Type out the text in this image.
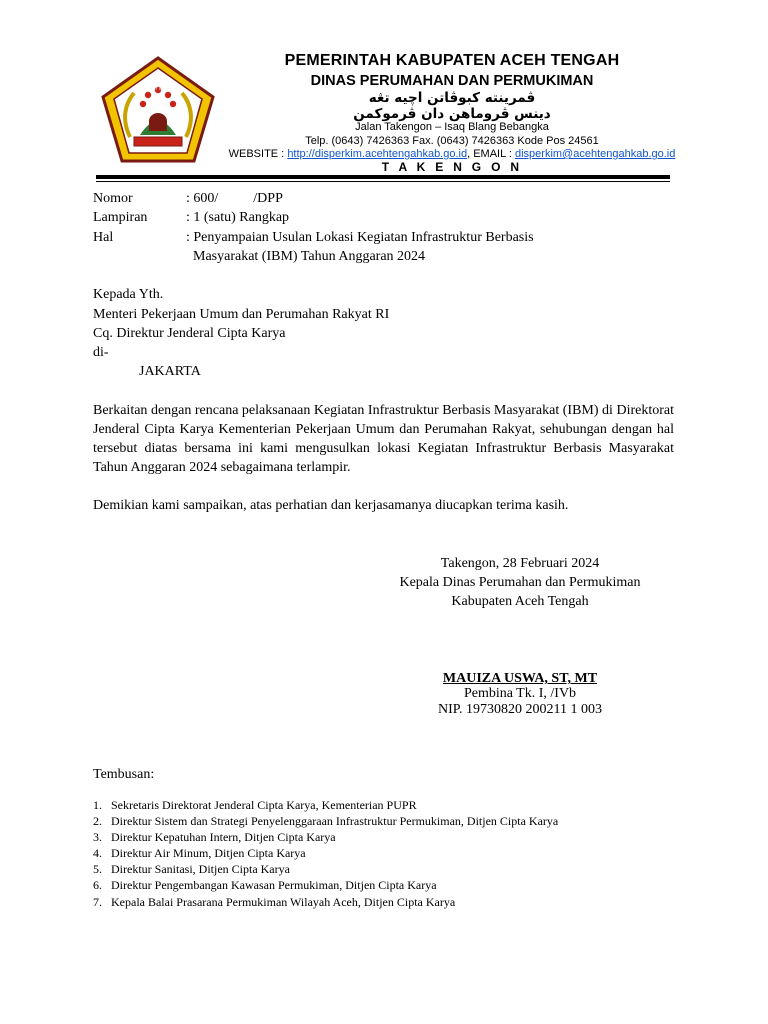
SEKANET MUNYATI
PEMERINTAH KABUPATEN ACEH TENGAH
DINAS PERUMAHAN DAN PERMUKIMAN
ڤمرينته كبوڤاتن اچيه تڠه
دينس ڤروماهن دان ڤرموكمن
Jalan Takengon – Isaq Blang Bebangka
Telp. (0643) 7426363 Fax. (0643) 7426363 Kode Pos 24561
WEBSITE : http://disperkim.acehtengahkab.go.id, EMAIL : disperkim@acehtengahkab.go.id
T A K E N G O N
Nomor	: 600/          /DPP
Lampiran	: 1 (satu) Rangkap
Hal	: Penyampaian Usulan Lokasi Kegiatan Infrastruktur Berbasis
Masyarakat (IBM) Tahun Anggaran 2024
Kepada Yth.
Menteri Pekerjaan Umum dan Perumahan Rakyat RI
Cq. Direktur Jenderal Cipta Karya
di-
JAKARTA
Berkaitan dengan rencana pelaksanaan Kegiatan Infrastruktur Berbasis Masyarakat (IBM) di Direktorat Jenderal Cipta Karya Kementerian Pekerjaan Umum dan Perumahan Rakyat, sehubungan dengan hal tersebut diatas bersama ini kami mengusulkan lokasi Kegiatan Infrastruktur Berbasis Masyarakat Tahun Anggaran 2024 sebagaimana terlampir.
Demikian kami sampaikan, atas perhatian dan kerjasamanya diucapkan terima kasih.
Takengon, 28 Februari 2024
Kepala Dinas Perumahan dan Permukiman
Kabupaten Aceh Tengah
MAUIZA USWA, ST, MT
Pembina Tk. I, /IVb
NIP. 19730820 200211 1 003
Tembusan:
1. Sekretaris Direktorat Jenderal Cipta Karya, Kementerian PUPR
2. Direktur Sistem dan Strategi Penyelenggaraan Infrastruktur Permukiman, Ditjen Cipta Karya
3. Direktur Kepatuhan Intern, Ditjen Cipta Karya
4. Direktur Air Minum, Ditjen Cipta Karya
5. Direktur Sanitasi, Ditjen Cipta Karya
6. Direktur Pengembangan Kawasan Permukiman, Ditjen Cipta Karya
7. Kepala Balai Prasarana Permukiman Wilayah Aceh, Ditjen Cipta Karya
